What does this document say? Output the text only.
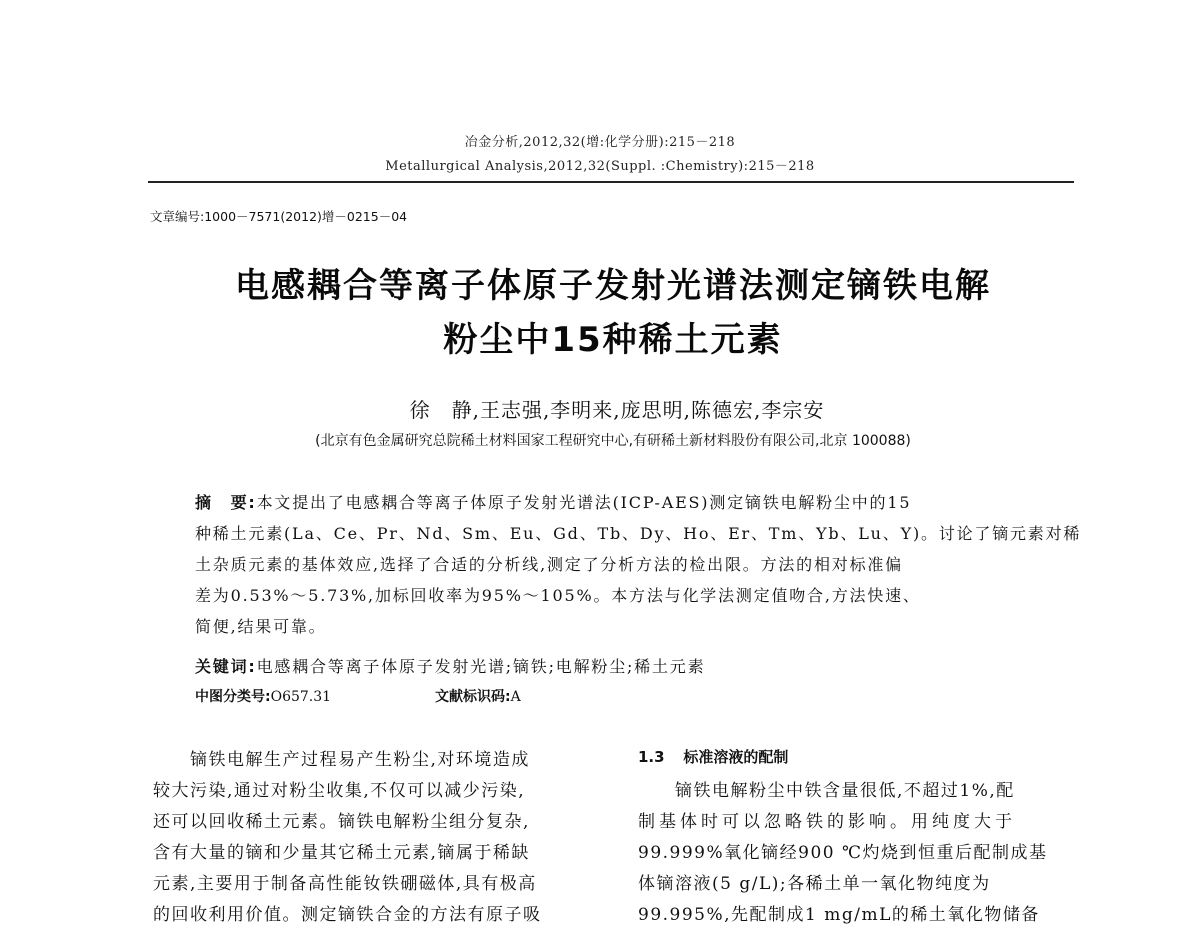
冶金分析,2012,32(增:化学分册):215－218
Metallurgical Analysis,2012,32(Suppl. :Chemistry):215－218
文章编号:1000－7571(2012)增－0215－04
电感耦合等离子体原子发射光谱法测定镝铁电解
粉尘中15种稀土元素
徐　静,王志强,李明来,庞思明,陈德宏,李宗安
(北京有色金属研究总院稀土材料国家工程研究中心,有研稀土新材料股份有限公司,北京 100088)
摘　要:本文提出了电感耦合等离子体原子发射光谱法(ICP-AES)测定镝铁电解粉尘中的15
种稀土元素(La、Ce、Pr、Nd、Sm、Eu、Gd、Tb、Dy、Ho、Er、Tm、Yb、Lu、Y)。讨论了镝元素对稀
土杂质元素的基体效应,选择了合适的分析线,测定了分析方法的检出限。方法的相对标准偏
差为0.53%～5.73%,加标回收率为95%～105%。本方法与化学法测定值吻合,方法快速、
简便,结果可靠。
关键词:电感耦合等离子体原子发射光谱;镝铁;电解粉尘;稀土元素
中图分类号:O657.31	文献标识码:A
　　镝铁电解生产过程易产生粉尘,对环境造成
较大污染,通过对粉尘收集,不仅可以减少污染,
还可以回收稀土元素。镝铁电解粉尘组分复杂,
含有大量的镝和少量其它稀土元素,镝属于稀缺
元素,主要用于制备高性能钕铁硼磁体,具有极高
的回收利用价值。测定镝铁合金的方法有原子吸
1.3 标准溶液的配制
　　镝铁电解粉尘中铁含量很低,不超过1%,配
制基体时可以忽略铁的影响。用纯度大于
99.999%氧化镝经900 ℃灼烧到恒重后配制成基
体镝溶液(5 g/L);各稀土单一氧化物纯度为
99.995%,先配制成1 mg/mL的稀土氧化物储备
